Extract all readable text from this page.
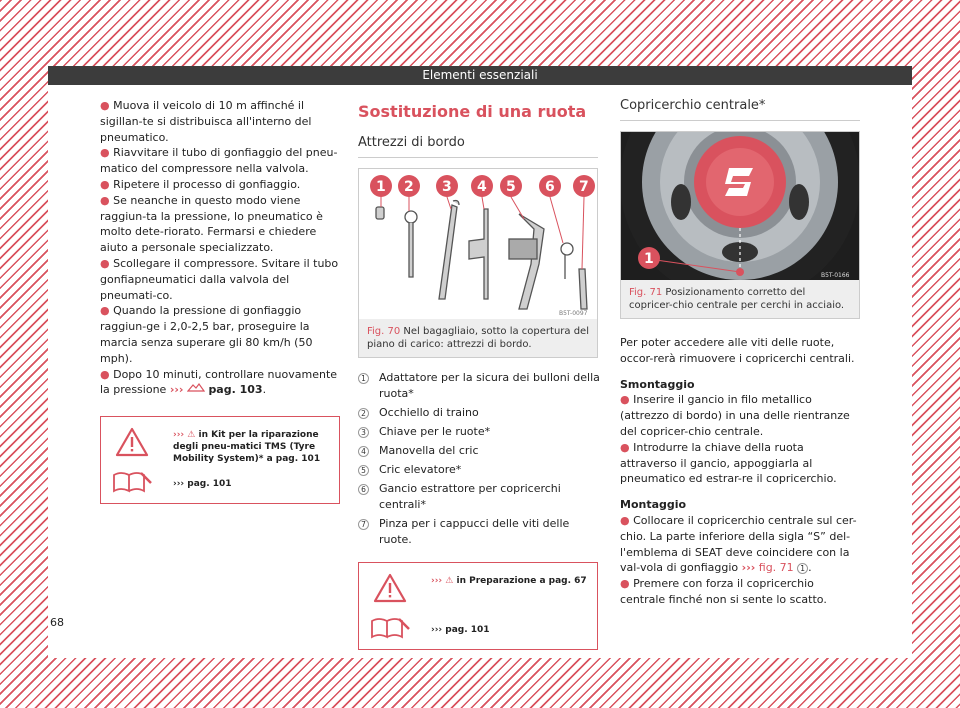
Elementi essenziali
● Muova il veicolo di 10 m affinché il sigillan-te si distribuisca all'interno del pneumatico.
● Riavvitare il tubo di gonfiaggio del pneu-matico del compressore nella valvola.
● Ripetere il processo di gonfiaggio.
● Se neanche in questo modo viene raggiun-ta la pressione, lo pneumatico è molto dete-riorato. Fermarsi e chiedere aiuto a personale specializzato.
● Scollegare il compressore. Svitare il tubo gonfiapneumatici dalla valvola del pneumati-co.
● Quando la pressione di gonfiaggio raggiun-ge i 2,0-2,5 bar, proseguire la marcia senza superare gli 80 km/h (50 mph).
● Dopo 10 minuti, controllare nuovamente la pressione ››› pag. 103.
››› ⚠ in Kit per la riparazione degli pneu-matici TMS (Tyre Mobility System)* a pag. 101
››› pag. 101
Sostituzione di una ruota
Attrezzi di bordo
1 2 3 4 5 6 7
B5T-0097
Fig. 70 Nel bagagliaio, sotto la copertura del piano di carico: attrezzi di bordo.
1 Adattatore per la sicura dei bulloni della ruota*
2 Occhiello di traino
3 Chiave per le ruote*
4 Manovella del cric
5 Cric elevatore*
6 Gancio estrattore per copricerchi centrali*
7 Pinza per i cappucci delle viti delle ruote.
››› ⚠ in Preparazione a pag. 67
››› pag. 101
Copricerchio centrale*
1
B5T-0166
Fig. 71 Posizionamento corretto del copricer-chio centrale per cerchi in acciaio.
Per poter accedere alle viti delle ruote, occor-rerà rimuovere i copricerchi centrali.
Smontaggio
● Inserire il gancio in filo metallico (attrezzo di bordo) in una delle rientranze del copricer-chio centrale.
● Introdurre la chiave della ruota attraverso il gancio, appoggiarla al pneumatico ed estrar-re il copricerchio.
Montaggio
● Collocare il copricerchio centrale sul cer-chio. La parte inferiore della sigla “S” del-l'emblema di SEAT deve coincidere con la val-vola di gonfiaggio ››› fig. 71 1 .
● Premere con forza il copricerchio centrale finché non si sente lo scatto.
68
